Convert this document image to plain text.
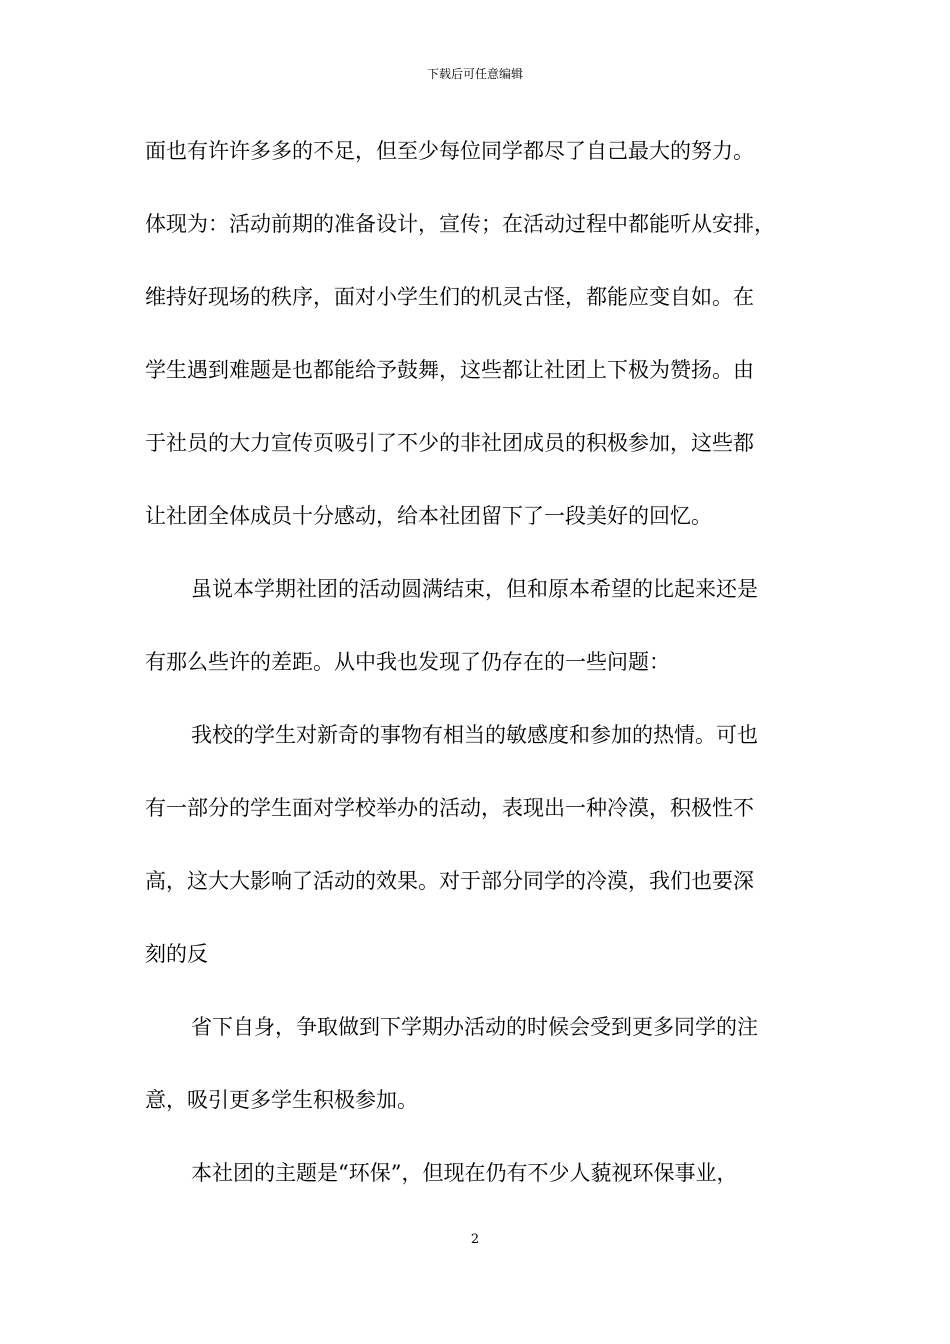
下载后可任意编辑
面也有许许多多的不足，但至少每位同学都尽了自己最大的努力。
体现为：活动前期的准备设计，宣传；在活动过程中都能听从安排，
维持好现场的秩序，面对小学生们的机灵古怪，都能应变自如。在
学生遇到难题是也都能给予鼓舞，这些都让社团上下极为赞扬。由
于社员的大力宣传页吸引了不少的非社团成员的积极参加，这些都
让社团全体成员十分感动，给本社团留下了一段美好的回忆。
虽说本学期社团的活动圆满结束，但和原本希望的比起来还是
有那么些许的差距。从中我也发现了仍存在的一些问题：
我校的学生对新奇的事物有相当的敏感度和参加的热情。可也
有一部分的学生面对学校举办的活动，表现出一种冷漠，积极性不
高，这大大影响了活动的效果。对于部分同学的冷漠，我们也要深
刻的反
省下自身，争取做到下学期办活动的时候会受到更多同学的注
意，吸引更多学生积极参加。
本社团的主题是“环保”，但现在仍有不少人藐视环保事业，
2
